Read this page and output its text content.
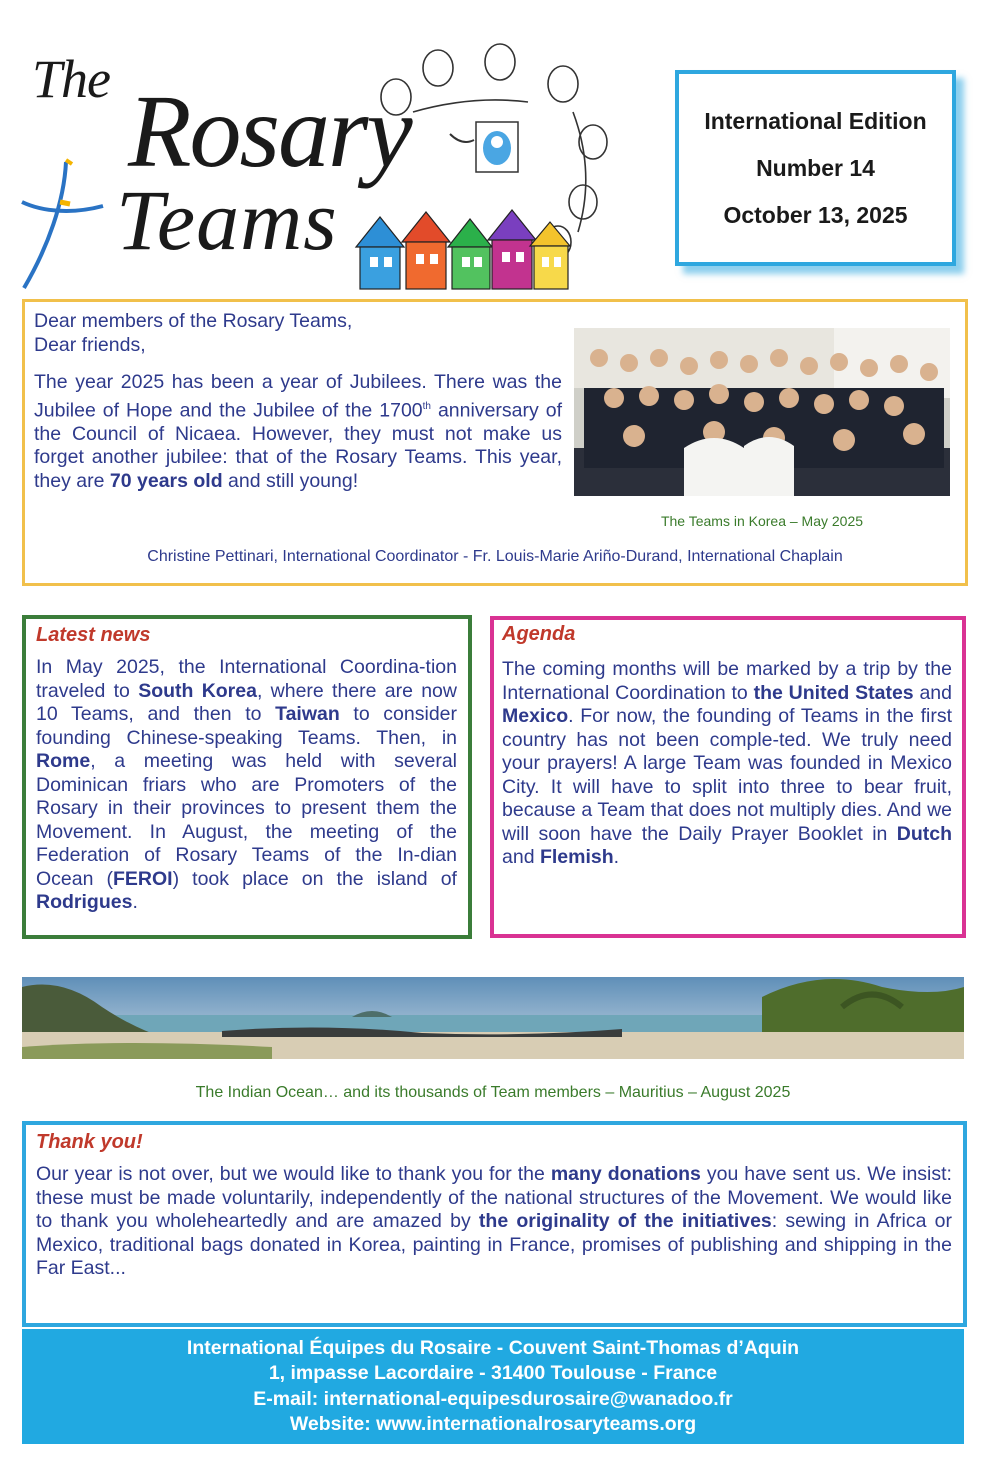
The Rosary
Teams
International Edition
Number 14
October 13, 2025

Dear members of the Rosary Teams,

Dear friends,

The year 2025 has been a year of Jubilees. There was the Jubilee of Hope and the Jubilee of the 1700th anniversary of the Council of Nicaea. However, they must not make us forget another jubilee: that of the Rosary Teams. This year, they are 70 years old and still young!

The Teams in Korea – May 2025
Christine Pettinari, International Coordinator - Fr. Louis-Marie Ariño-Durand, International Chaplain
Latest news
In May 2025, the International Coordina-tion traveled to South Korea, where there are now 10 Teams, and then to Taiwan to consider founding Chinese-speaking Teams. Then, in Rome, a meeting was held with several Dominican friars who are Promoters of the Rosary in their provinces to present them the Movement. In August, the meeting of the Federation of Rosary Teams of the In-dian Ocean (FEROI) took place on the island of Rodrigues.
Agenda
The coming months will be marked by a trip by the International Coordination to the United States and Mexico. For now, the founding of Teams in the first country has not been comple-ted. We truly need your prayers! A large Team was founded in Mexico City. It will have to split into three to bear fruit, because a Team that does not multiply dies. And we will soon have the Daily Prayer Booklet in Dutch and Flemish.
The Indian Ocean… and its thousands of Team members – Mauritius – August 2025
Thank you!
Our year is not over, but we would like to thank you for the many donations you have sent us. We insist: these must be made voluntarily, independently of the national structures of the Movement. We would like to thank you wholeheartedly and are amazed by the originality of the initiatives: sewing in Africa or Mexico, traditional bags donated in Korea, painting in France, promises of publishing and shipping in the Far East...
International Équipes du Rosaire - Couvent Saint-Thomas d’Aquin
1, impasse Lacordaire - 31400 Toulouse - France
E-mail: international-equipesdurosaire@wanadoo.fr
Website: www.internationalrosaryteams.org
